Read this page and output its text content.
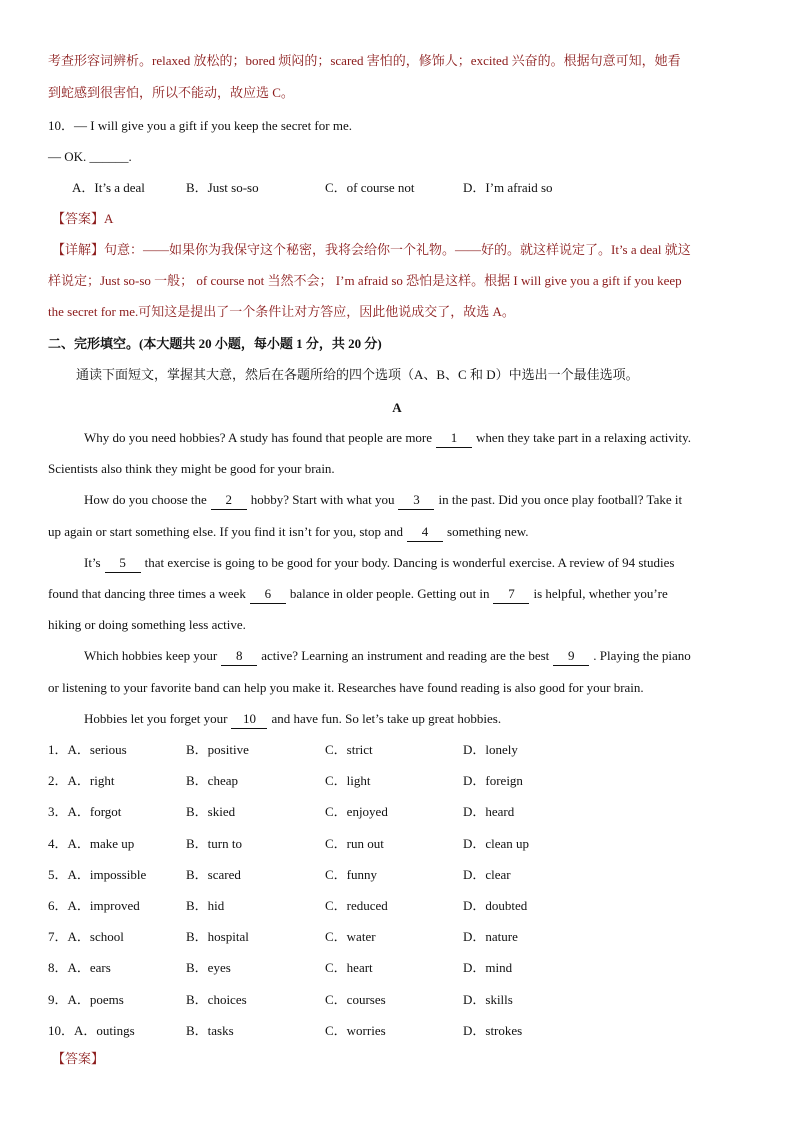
考查形容词辨析。relaxed 放松的；bored 烦闷的；scared 害怕的，修饰人；excited 兴奋的。根据句意可知，她看
到蛇感到很害怕，所以不能动，故应选 C。
10．— I will give you a gift if you keep the secret for me.
— OK. ______.
A．It’s a deal	B．Just so-so	C．of course not	D．I’m afraid so
【答案】A
【详解】句意：——如果你为我保守这个秘密，我将会给你一个礼物。——好的。就这样说定了。It’s a deal 就这
样说定；Just so-so 一般； of course not 当然不会； I’m afraid so 恐怕是这样。根据 I will give you a gift if you keep
the secret for me.可知这是提出了一个条件让对方答应，因此他说成交了，故选 A。
二、完形填空。(本大题共 20 小题，每小题 1 分，共 20 分)
通读下面短文，掌握其大意，然后在各题所给的四个选项（A、B、C 和 D）中选出一个最佳选项。
A
Why do you need hobbies? A study has found that people are more 1 when they take part in a relaxing activity.
Scientists also think they might be good for your brain.
How do you choose the 2 hobby? Start with what you 3 in the past. Did you once play football? Take it
up again or start something else. If you find it isn’t for you, stop and 4 something new.
It’s 5 that exercise is going to be good for your body. Dancing is wonderful exercise. A review of 94 studies
found that dancing three times a week 6 balance in older people. Getting out in 7 is helpful, whether you’re
hiking or doing something less active.
Which hobbies keep your 8 active? Learning an instrument and reading are the best 9 . Playing the piano
or listening to your favorite band can help you make it. Researches have found reading is also good for your brain.
Hobbies let you forget your 10 and have fun. So let’s take up great hobbies.
1．A．serious	B．positive	C．strict	D．lonely
2．A．right	B．cheap	C．light	D．foreign
3．A．forgot	B．skied	C．enjoyed	D．heard
4．A．make up	B．turn to	C．run out	D．clean up
5．A．impossible	B．scared	C．funny	D．clear
6．A．improved	B．hid	C．reduced	D．doubted
7．A．school	B．hospital	C．water	D．nature
8．A．ears	B．eyes	C．heart	D．mind
9．A．poems	B．choices	C．courses	D．skills
10．A．outings	B．tasks	C．worries	D．strokes
【答案】
